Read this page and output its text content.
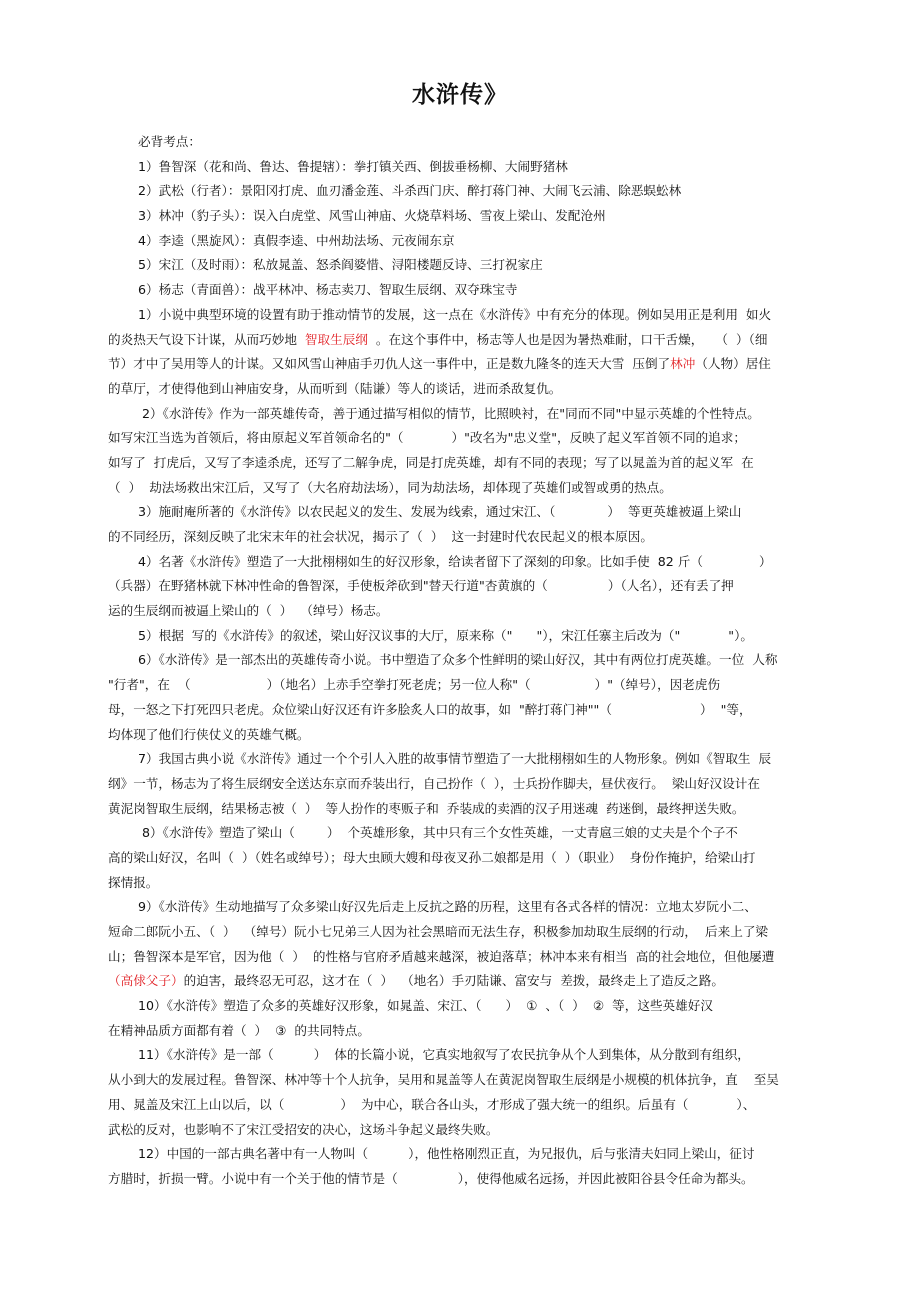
水浒传》
必背考点：
1）鲁智深（花和尚、鲁达、鲁提辖）：拳打镇关西、倒拔垂杨柳、大闹野猪林
2）武松（行者）：景阳冈打虎、血刃潘金莲、斗杀西门庆、醉打蒋门神、大闹飞云浦、除恶蜈蚣林
3）林冲（豹子头）：误入白虎堂、风雪山神庙、火烧草料场、雪夜上梁山、发配沧州
4）李逵（黑旋风）：真假李逵、中州劫法场、元夜闹东京
5）宋江（及时雨）：私放晁盖、怒杀阎婆惜、浔阳楼题反诗、三打祝家庄
6）杨志（青面兽）：战平林冲、杨志卖刀、智取生辰纲、双夺珠宝寺
1）小说中典型环境的设置有助于推动情节的发展，这一点在《水浒传》中有充分的体现。例如吴用正是利用  如火
的炎热天气设下计谋，从而巧妙地  智取生辰纲  。在这个事件中，杨志等人也是因为暑热难耐，口干舌燥，   （  ）（细
节）才中了吴用等人的计谋。又如风雪山神庙手刃仇人这一事件中，正是数九隆冬的连天大雪  压倒了林冲（人物）居住
的草厅，才使得他到山神庙安身，从而听到（陆谦）等人的谈话，进而杀敌复仇。
2）《水浒传》作为一部英雄传奇，善于通过描写相似的情节，比照映衬，在"同而不同"中显示英雄的个性特点。
如写宋江当选为首领后，将由原起义军首领命名的"（            ）"改名为"忠义堂"，反映了起义军首领不同的追求；
如写了  打虎后，又写了李逵杀虎，还写了二解争虎，同是打虎英雄，却有不同的表现；写了以晁盖为首的起义军  在
（  ）  劫法场救出宋江后，又写了（大名府劫法场），同为劫法场，却体现了英雄们或智或勇的热点。
3）施耐庵所著的《水浒传》以农民起义的发生、发展为线索，通过宋江、（             ）  等更英雄被逼上梁山
的不同经历，深刻反映了北宋末年的社会状况，揭示了（  ）  这一封建时代农民起义的根本原因。
4）名著《水浒传》塑造了一大批栩栩如生的好汉形象，给读者留下了深刻的印象。比如手使  82 斤（              ）
（兵器）在野猪林就下林冲性命的鲁智深，手使板斧砍到"替天行道"杏黄旗的（               ）（人名），还有丢了押
运的生辰纲而被逼上梁山的（  ）  （绰号）杨志。
5）根据  写的《水浒传》的叙述，梁山好汉议事的大厅，原来称（"      "），宋江任寨主后改为（"            "）。
6）《水浒传》是一部杰出的英雄传奇小说。书中塑造了众多个性鲜明的梁山好汉，其中有两位打虎英雄。一位  人称
"行者"，在  （                   ）（地名）上赤手空拳打死老虎；另一位人称"（                ）"（绰号），因老虎伤
母，一怒之下打死四只老虎。众位梁山好汉还有许多脍炙人口的故事，如  "醉打蒋门神""（                      ）  "等，
均体现了他们行侠仗义的英雄气概。
7）我国古典小说《水浒传》通过一个个引人入胜的故事情节塑造了一大批栩栩如生的人物形象。例如《智取生  辰
纲》一节，杨志为了将生辰纲安全送达东京而乔装出行，自己扮作（  ），士兵扮作脚夫，昼伏夜行。  梁山好汉设计在
黄泥岗智取生辰纲，结果杨志被（  ）  等人扮作的枣贩子和  乔装成的卖酒的汉子用迷魂  药迷倒，最终押送失败。
8）《水浒传》塑造了梁山（        ）  个英雄形象，其中只有三个女性英雄，一丈青扈三娘的丈夫是个个子不
高的梁山好汉，名叫（  ）（姓名或绰号）；母大虫顾大嫂和母夜叉孙二娘都是用（  ）（职业）  身份作掩护，给梁山打
探情报。
9）《水浒传》生动地描写了众多梁山好汉先后走上反抗之路的历程，这里有各式各样的情况：立地太岁阮小二、
短命二郎阮小五、（  ）  （绰号）阮小七兄弟三人因为社会黑暗而无法生存，积极参加劫取生辰纲的行动，  后来上了梁
山；鲁智深本是军官，因为他（  ）  的性格与官府矛盾越来越深，被迫落草；林冲本来有相当  高的社会地位，但他屡遭
（高俅父子）的迫害，最终忍无可忍，这才在（  ）  （地名）手刃陆谦、富安与  差拨，最终走上了造反之路。
10）《水浒传》塑造了众多的英雄好汉形象，如晁盖、宋江、（      ）  ①  、（  ）  ②  等，这些英雄好汉
在精神品质方面都有着（  ）  ③  的共同特点。
11）《水浒传》是一部（          ）  体的长篇小说，它真实地叙写了农民抗争从个人到集体，从分散到有组织，
从小到大的发展过程。鲁智深、林冲等十个人抗争，吴用和晁盖等人在黄泥岗智取生辰纲是小规模的机体抗争，直    至吴
用、晁盖及宋江上山以后，以（              ）  为中心，联合各山头，才形成了强大统一的组织。后虽有（            ）、
武松的反对，也影响不了宋江受招安的决心，这场斗争起义最终失败。
12）中国的一部古典名著中有一人物叫（          ），他性格刚烈正直，为兄报仇，后与张清夫妇同上梁山，征讨
方腊时，折损一臂。小说中有一个关于他的情节是（               ），使得他威名远扬，并因此被阳谷县令任命为都头。
